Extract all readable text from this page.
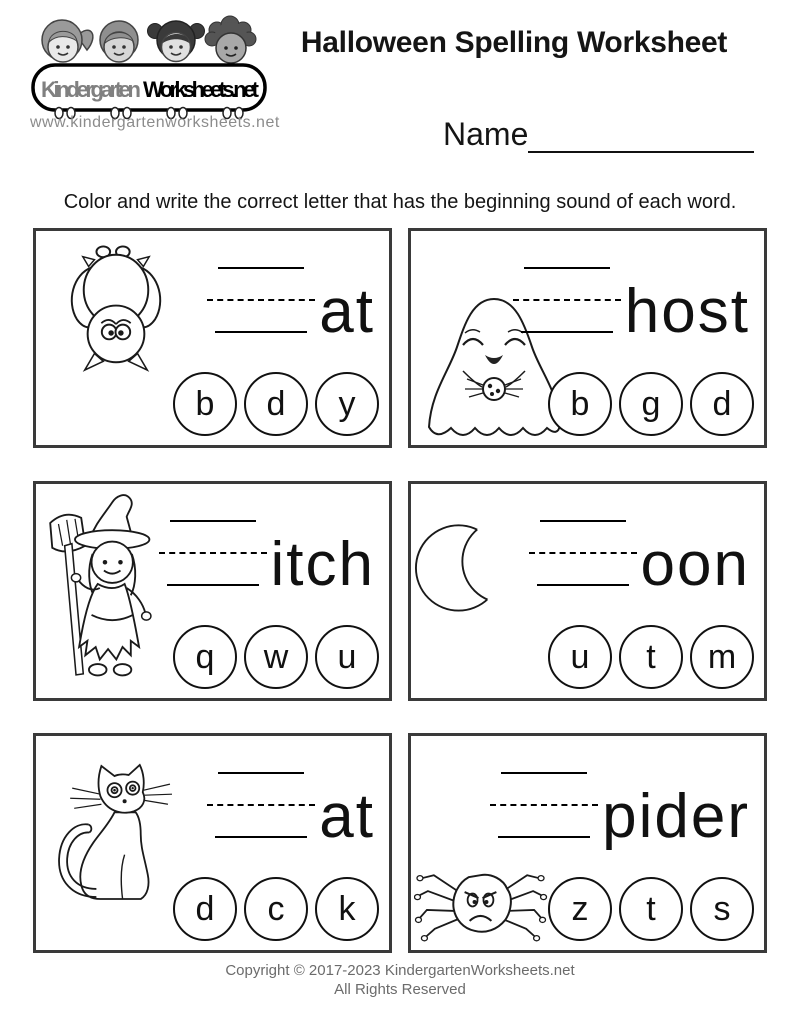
Kindergarten Worksheets.net
www.kindergartenworksheets.net
Halloween Spelling Worksheet
Name
Color and write the correct letter that has the beginning sound of each word.
at
b	d	y
host
b	g	d
itch
q	w	u
oon
u	t	m
at
d	c	k
pider
z	t	s
Copyright © 2017-2023 KindergartenWorksheets.net
All Rights Reserved
